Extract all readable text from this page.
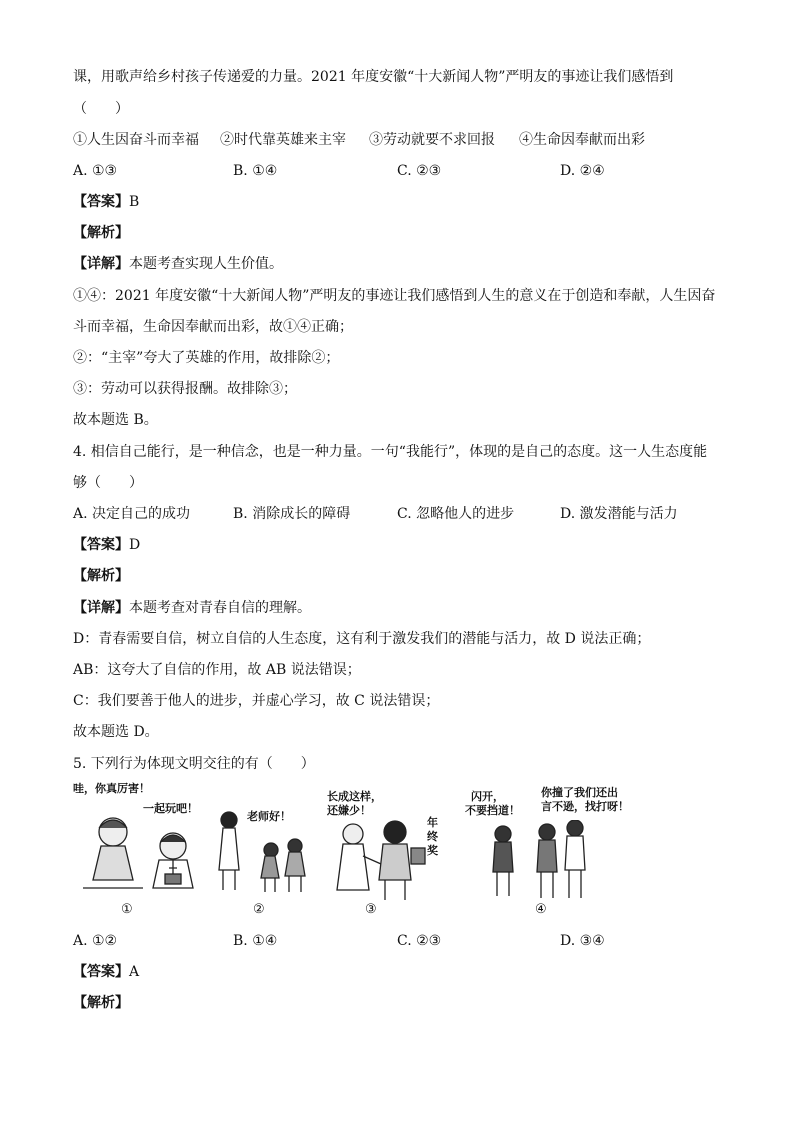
课，用歌声给乡村孩子传递爱的力量。2021 年度安徽“十大新闻人物”严明友的事迹让我们感悟到
（　　）
①人生因奋斗而幸福 ②时代靠英雄来主宰 ③劳动就要不求回报 ④生命因奉献而出彩
A. ①③	B. ①④	C. ②③	D. ②④
【答案】B
【解析】
【详解】本题考查实现人生价值。
①④：2021 年度安徽“十大新闻人物”严明友的事迹让我们感悟到人生的意义在于创造和奉献，人生因奋
斗而幸福，生命因奉献而出彩，故①④正确；
②：“主宰”夸大了英雄的作用，故排除②；
③：劳动可以获得报酬。故排除③；
故本题选 B。
4. 相信自己能行，是一种信念，也是一种力量。一句“我能行”，体现的是自己的态度。这一人生态度能
够（　　）
A. 决定自己的成功	B. 消除成长的障碍	C. 忽略他人的进步	D. 激发潜能与活力
【答案】D
【解析】
【详解】本题考查对青春自信的理解。
D：青春需要自信，树立自信的人生态度，这有利于激发我们的潜能与活力，故 D 说法正确；
AB：这夸大了自信的作用，故 AB 说法错误；
C：我们要善于他人的进步，并虚心学习，故 C 说法错误；
故本题选 D。
5. 下列行为体现文明交往的有（　　）
哇，你真厉害！
一起玩吧！
①
老师好！
②
长成这样，
还嫌少！
年终奖
③
闪开，
不要挡道！
你撞了我们还出
言不逊，找打呀！
④
A. ①②	B. ①④	C. ②③	D. ③④
【答案】A
【解析】
